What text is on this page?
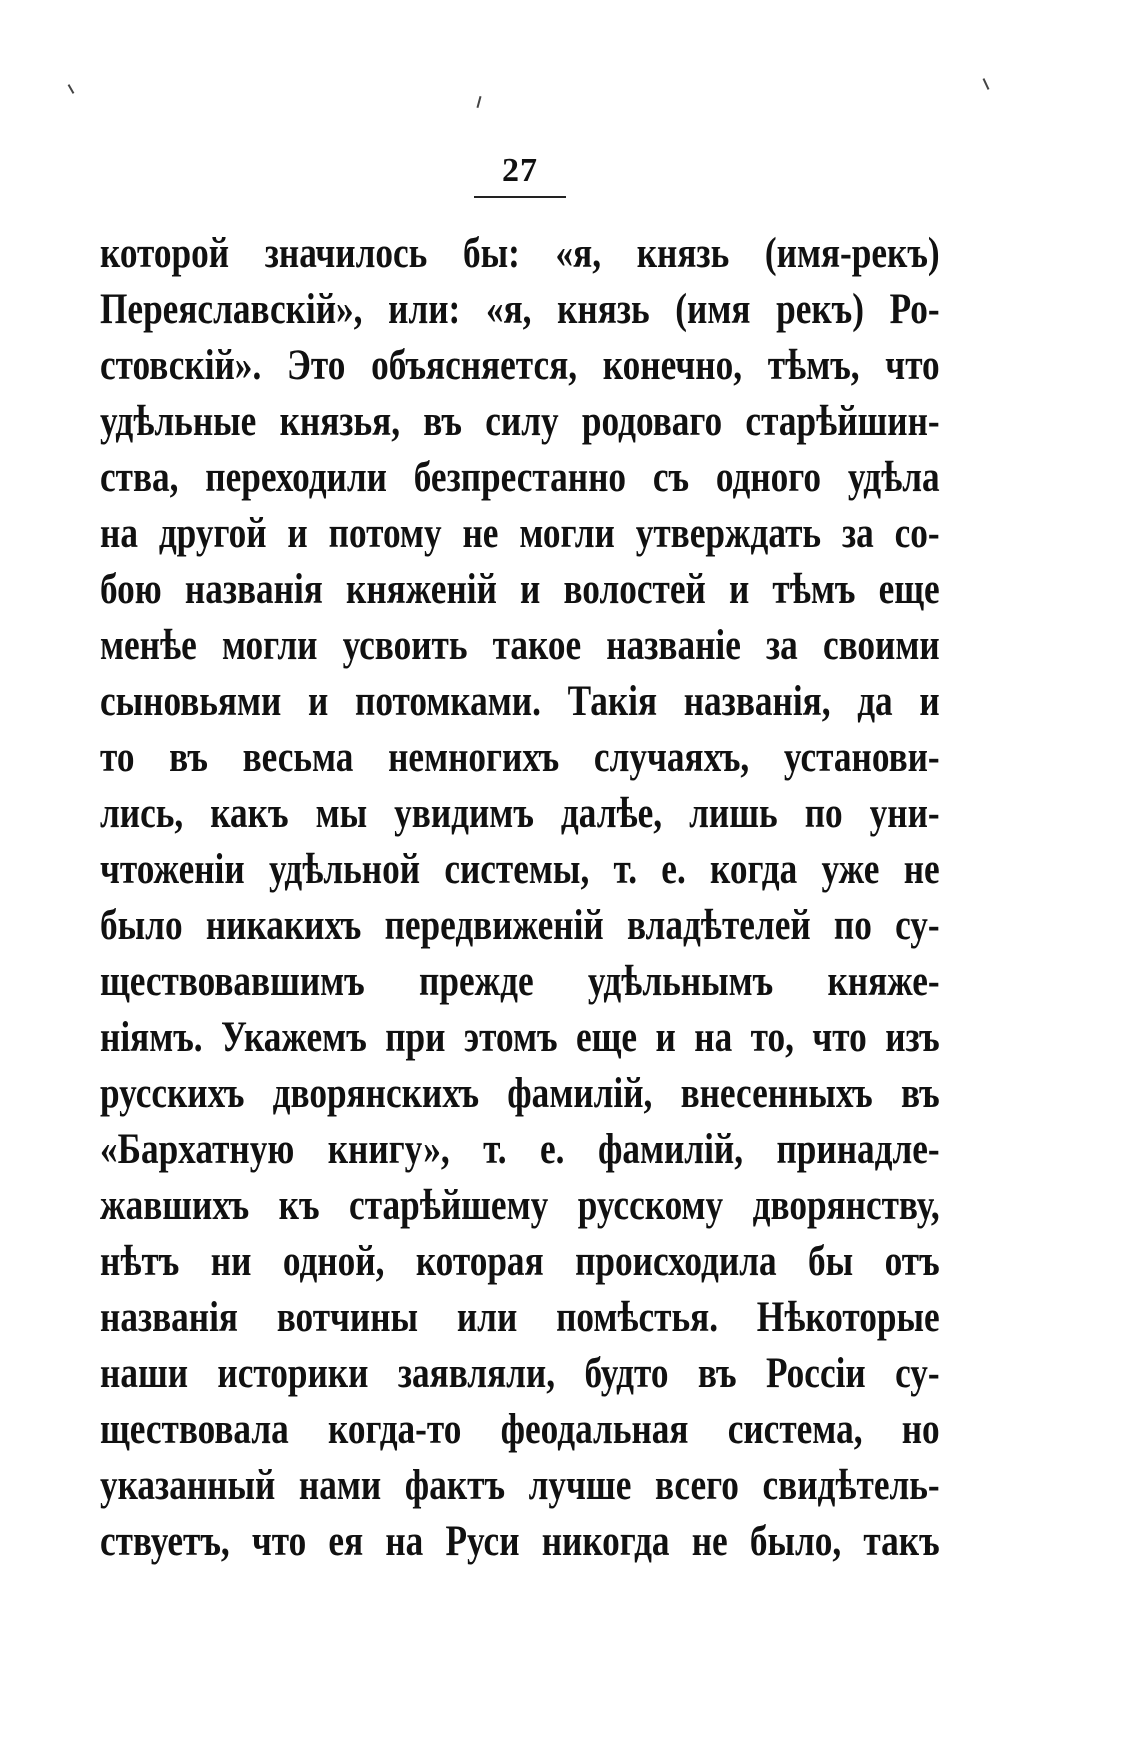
27
которой значилось бы: «я, князь (имя-рекъ)
Переяславскій», или: «я, князь (имя рекъ) Ро-
стовскій». Это объясняется, конечно, тѣмъ, что
удѣльные князья, въ силу родоваго старѣйшин-
ства, переходили безпрестанно съ одного удѣла
на другой и потому не могли утверждать за со-
бою названія княженій и волостей и тѣмъ еще
менѣе могли усвоить такое названіе за своими
сыновьями и потомками. Такія названія, да и
то въ весьма немногихъ случаяхъ, установи-
лись, какъ мы увидимъ далѣе, лишь по уни-
чтоженіи удѣльной системы, т. е. когда уже не
было никакихъ передвиженій владѣтелей по су-
ществовавшимъ прежде удѣльнымъ княже-
ніямъ. Укажемъ при этомъ еще и на то, что изъ
русскихъ дворянскихъ фамилій, внесенныхъ въ
«Бархатную книгу», т. е. фамилій, принадле-
жавшихъ къ старѣйшему русскому дворянству,
нѣтъ ни одной, которая происходила бы отъ
названія вотчины или помѣстья. Нѣкоторые
наши историки заявляли, будто въ Россіи су-
ществовала когда-то феодальная система, но
указанный нами фактъ лучше всего свидѣтель-
ствуетъ, что ея на Руси никогда не было, такъ
